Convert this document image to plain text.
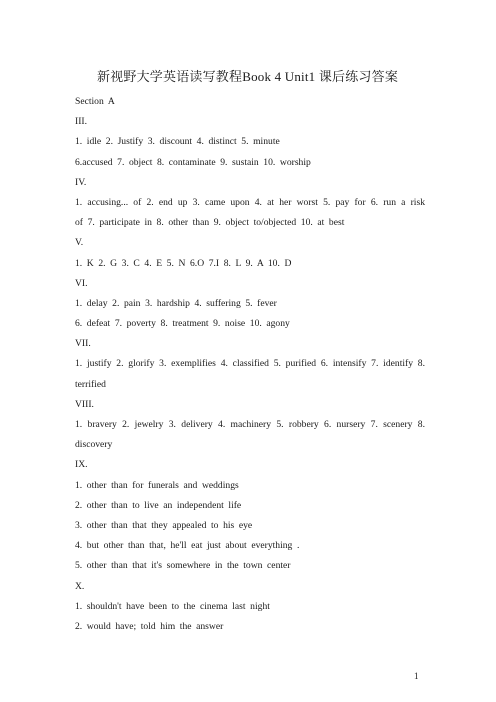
新视野大学英语读写教程Book 4 Unit1 课后练习答案
Section A
III.
1. idle 2. Justify 3. discount 4. distinct 5. minute
6.accused 7. object 8. contaminate 9. sustain 10. worship
IV.
1. accusing... of 2. end up 3. came upon 4. at her worst 5. pay for 6. run a risk of 7. participate in 8. other than 9. object to/objected 10. at best
V.
1. K 2. G 3. C 4. E 5. N 6.O 7.I 8. L 9. A 10. D
VI.
1. delay 2. pain 3. hardship 4. suffering 5. fever
6. defeat 7. poverty 8. treatment 9. noise 10. agony
VII.
1. justify 2. glorify 3. exemplifies 4. classified 5. purified 6. intensify 7. identify 8. terrified
VIII.
1. bravery 2. jewelry 3. delivery 4. machinery 5. robbery 6. nursery 7. scenery 8. discovery
IX.
1. other than for funerals and weddings
2. other than to live an independent life
3. other than that they appealed to his eye
4. but other than that, he'll eat just about everything .
5. other than that it's somewhere in the town center
X.
1. shouldn't have been to the cinema last night
2. would have; told him the answer
1
